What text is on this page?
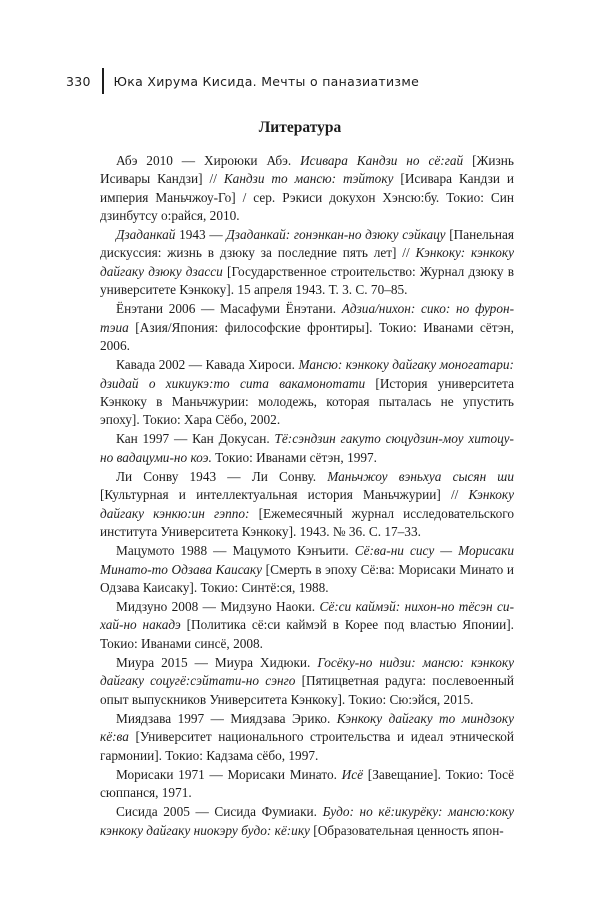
330	Юка Хирума Кисида. Мечты о паназиатизме
Литература

Абэ 2010 — Хироюки Абэ. Исивара Кандзи но сё:гай [Жизнь Исивары Кандзи] // Кандзи то мансю: тэйтоку [Исивара Кандзи и империя Маньчжоу-Го] / сер. Рэкиси докухон Хэнсю:бу. Токио: Син дзинбутсу о:райся, 2010.

Дзаданкай 1943 — Дзаданкай: гонэнкан-но дзюку сэйкацу [Панельная дискуссия: жизнь в дзюку за последние пять лет] // Кэнкоку: кэнкоку дайгаку дзюку дзасси [Государственное строительство: Журнал дзюку в университете Кэнкоку]. 15 апреля 1943. Т. 3. С. 70–85.

Ёнэтани 2006 — Масафуми Ёнэтани. Адзиа/нихон: сико: но фуронтэиа [Азия/Япония: философские фронтиры]. Токио: Иванами сётэн, 2006.

Кавада 2002 — Кавада Хироси. Мансю: кэнкоку дайгаку моногатари: дзидай о хикиукэ:то сита вакамонотати [История университета Кэнкоку в Маньчжурии: молодежь, которая пыталась не упустить эпоху]. Токио: Хара Сёбо, 2002.

Кан 1997 — Кан Докусан. Тё:сэндзин гакуто сюцудзин-моу хитоцу-но вадацуми-но коэ. Токио: Иванами сётэн, 1997.

Ли Сонву 1943 — Ли Сонву. Маньчжоу вэньхуа сысян ши [Культурная и интеллектуальная история Маньчжурии] // Кэнкоку дайгаку кэнкю:ин гэппо: [Ежемесячный журнал исследовательского института Университета Кэнкоку]. 1943. № 36. С. 17–33.

Мацумото 1988 — Мацумото Кэнъити. Сё:ва-ни сису — Морисаки Минато-то Одзава Каисаку [Смерть в эпоху Сё:ва: Морисаки Минато и Одзава Каисаку]. Токио: Синтё:ся, 1988.

Мидзуно 2008 — Мидзуно Наоки. Сё:си каймэй: нихон-но тёсэн сихай-но накадэ [Политика сё:си каймэй в Корее под властью Японии]. Токио: Иванами синсё, 2008.

Миура 2015 — Миура Хидюки. Госёку-но нидзи: мансю: кэнкоку дайгаку соцугё:сэйтати-но сэнго [Пятицветная радуга: послевоенный опыт выпускников Университета Кэнкоку]. Токио: Сю:эйся, 2015.

Миядзава 1997 — Миядзава Эрико. Кэнкоку дайгаку то миндзоку кё:ва [Университет национального строительства и идеал этнической гармонии]. Токио: Кадзама сёбо, 1997.

Морисаки 1971 — Морисаки Минато. Исё [Завещание]. Токио: Тосё сюппанся, 1971.

Сисида 2005 — Сисида Фумиаки. Будо: но кё:икурёку: мансю:коку кэнкоку дайгаку ниокэру будо: кё:ику [Образовательная ценность япон-
